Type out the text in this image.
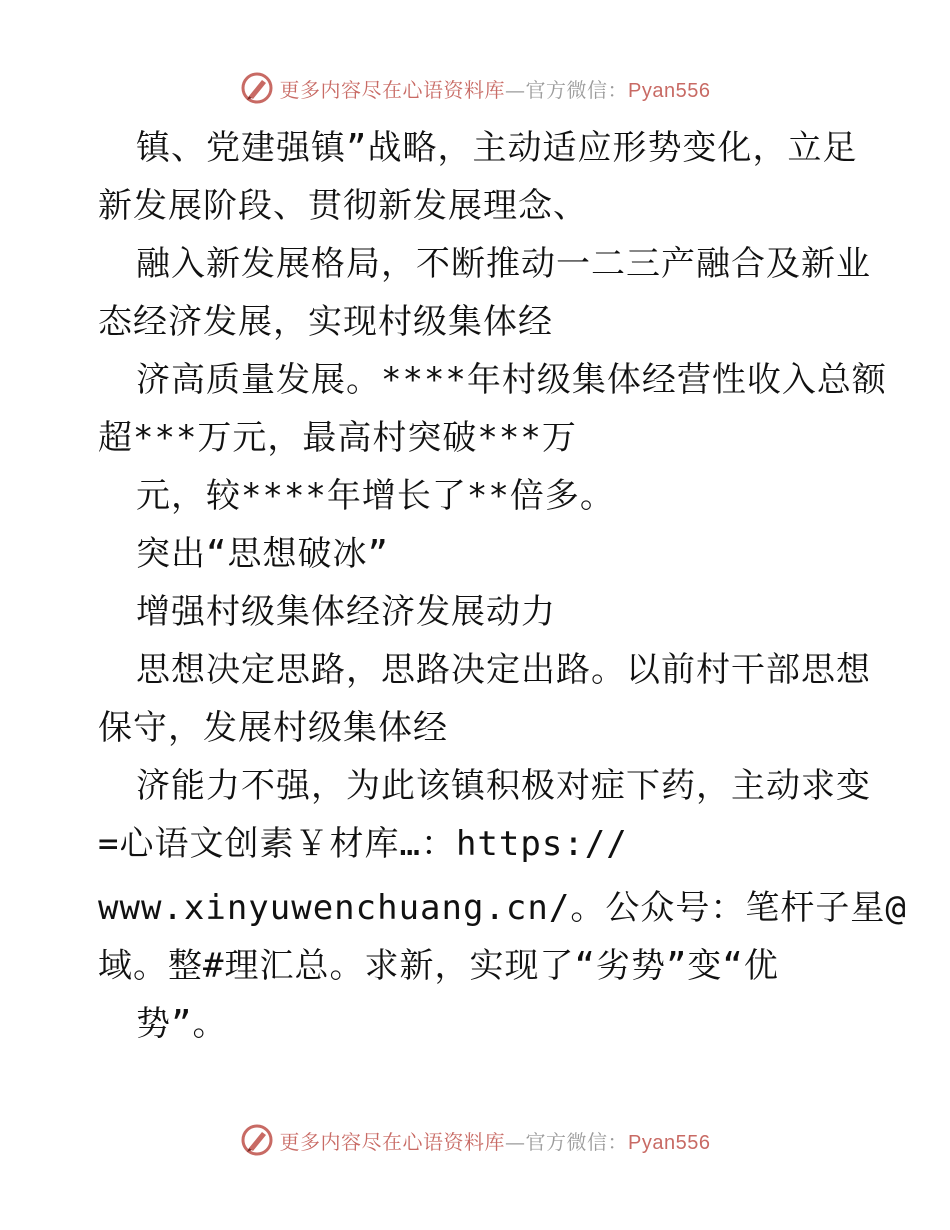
更多内容尽在心语资料库—官方微信：Pyan556
镇、党建强镇”战略，主动适应形势变化，立足
新发展阶段、贯彻新发展理念、
融入新发展格局，不断推动一二三产融合及新业
态经济发展，实现村级集体经
济高质量发展。****年村级集体经营性收入总额
超***万元，最高村突破***万
元，较****年增长了**倍多。
突出“思想破冰”
增强村级集体经济发展动力
思想决定思路，思路决定出路。以前村干部思想
保守，发展村级集体经
济能力不强，为此该镇积极对症下药，主动求变
=心语文创素￥材库…：https://
www.xinyuwenchuang.cn/。公众号：笔杆子星@
域。整#理汇总。求新，实现了“劣势”变“优
势”。
更多内容尽在心语资料库—官方微信：Pyan556
